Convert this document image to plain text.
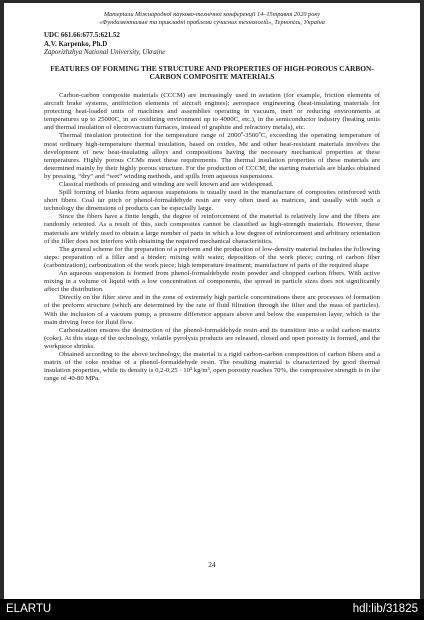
Матеріали Міжнародної науково-технічної конференції 14–15травня 2020 року
«Фундаментальні та прикладні проблеми сучасних технологій», Тернопіль, Україна
UDC 661.66:677.5:621.52
A.V. Karpenko, Ph.D
Zaporizhzhya National University, Ukraine
FEATURES OF FORMING THE STRUCTURE AND PROPERTIES OF HIGH-POROUS CARBON-CARBON COMPOSITE MATERIALS

Carbon-carbon composite materials (CCCM) are increasingly used in aviation (for example, friction elements of aircraft brake systems, antifriction elements of aircraft engines); aerospace engineering (heat-insulating materials for protecting heat-loaded units of machines and assemblies operating in vacuum, inert or reducing environments at temperatures up to 25000С, in an oxidizing environment up to 4000С, etc.), in the semiconductor industry (heating units and thermal insulation of electrovacuum furnaces, instead of graphite and refractory metals), etc.

Thermal insulation protection for the temperature range of 2000º-3500ºС, exceeding the operating temperature of most ordinary high-temperature thermal insulation, based on oxides, Me and other heat-resistant materials involves the development of new heat-insulating alloys and compositions having the necessary mechanical properties at these temperatures. Highly porous CCMs meet these requirements. The thermal insulation properties of these materials are determined mainly by their highly porous structure. For the production of CCCM, the starting materials are blanks obtained by pressing, “dry” and “wet” winding methods, and spills from aqueous suspensions.

Classical methods of pressing and winding are well known and are widespread.

Spill forming of blanks from aqueous suspensions is usually used in the manufacture of composites reinforced with short fibers. Coal tar pitch or phenol-formaldehyde resin are very often used as matrices, and usually with such a technology the dimensions of products can be especially large.

Since the fibers have a finite length, the degree of reinforcement of the material is relatively low and the fibers are randomly oriented. As a result of this, such composites cannot be classified as high-strength materials. However, these materials are widely used to obtain a large number of parts in which a low degree of reinforcement and arbitrary orientation of the filler does not interfere with obtaining the required mechanical characteristics.

The general scheme for the preparation of a preform and the production of low-density material includes the following steps: preparation of a filler and a binder; mixing with water; deposition of the work piece; curing of carbon fiber (carbonization); carbonization of the work piece; high temperature treatment; manufacture of parts of the required shape

An aqueous suspension is formed from phenol-formaldehyde resin powder and chopped carbon fibers. With active mixing in a volume of liquid with a low concentration of components, the spread in particle sizes does not significantly affect the distribution.

Directly on the filter sieve and in the zone of extremely high particle concentrations there are processes of formation of the preform structure (which are determined by the rate of fluid filtration through the filter and the mass of particles). With the inclusion of a vacuum pump, a pressure difference appears above and below the suspension layer, which is the main driving force for fluid flow.

Carbonization ensures the destruction of the phenol-formaldehyde resin and its transition into a solid carbon matrix (coke). At this stage of the technology, volatile pyrolysis products are released, closed and open porosity is formed, and the workpiece shrinks.

Obtained according to the above technology, the material is a rigid carbon-carbon composition of carbon fibers and a matrix of the coke residue of a phenol-formaldehyde resin. The resulting material is characterized by good thermal insulation properties, while its density is 0,2-0,25 · 10³ kg/m³, open porosity reaches 70%, the compressive strength is in the range of 40-80 MPa.

24
ELARTU	hdl:lib/31825
